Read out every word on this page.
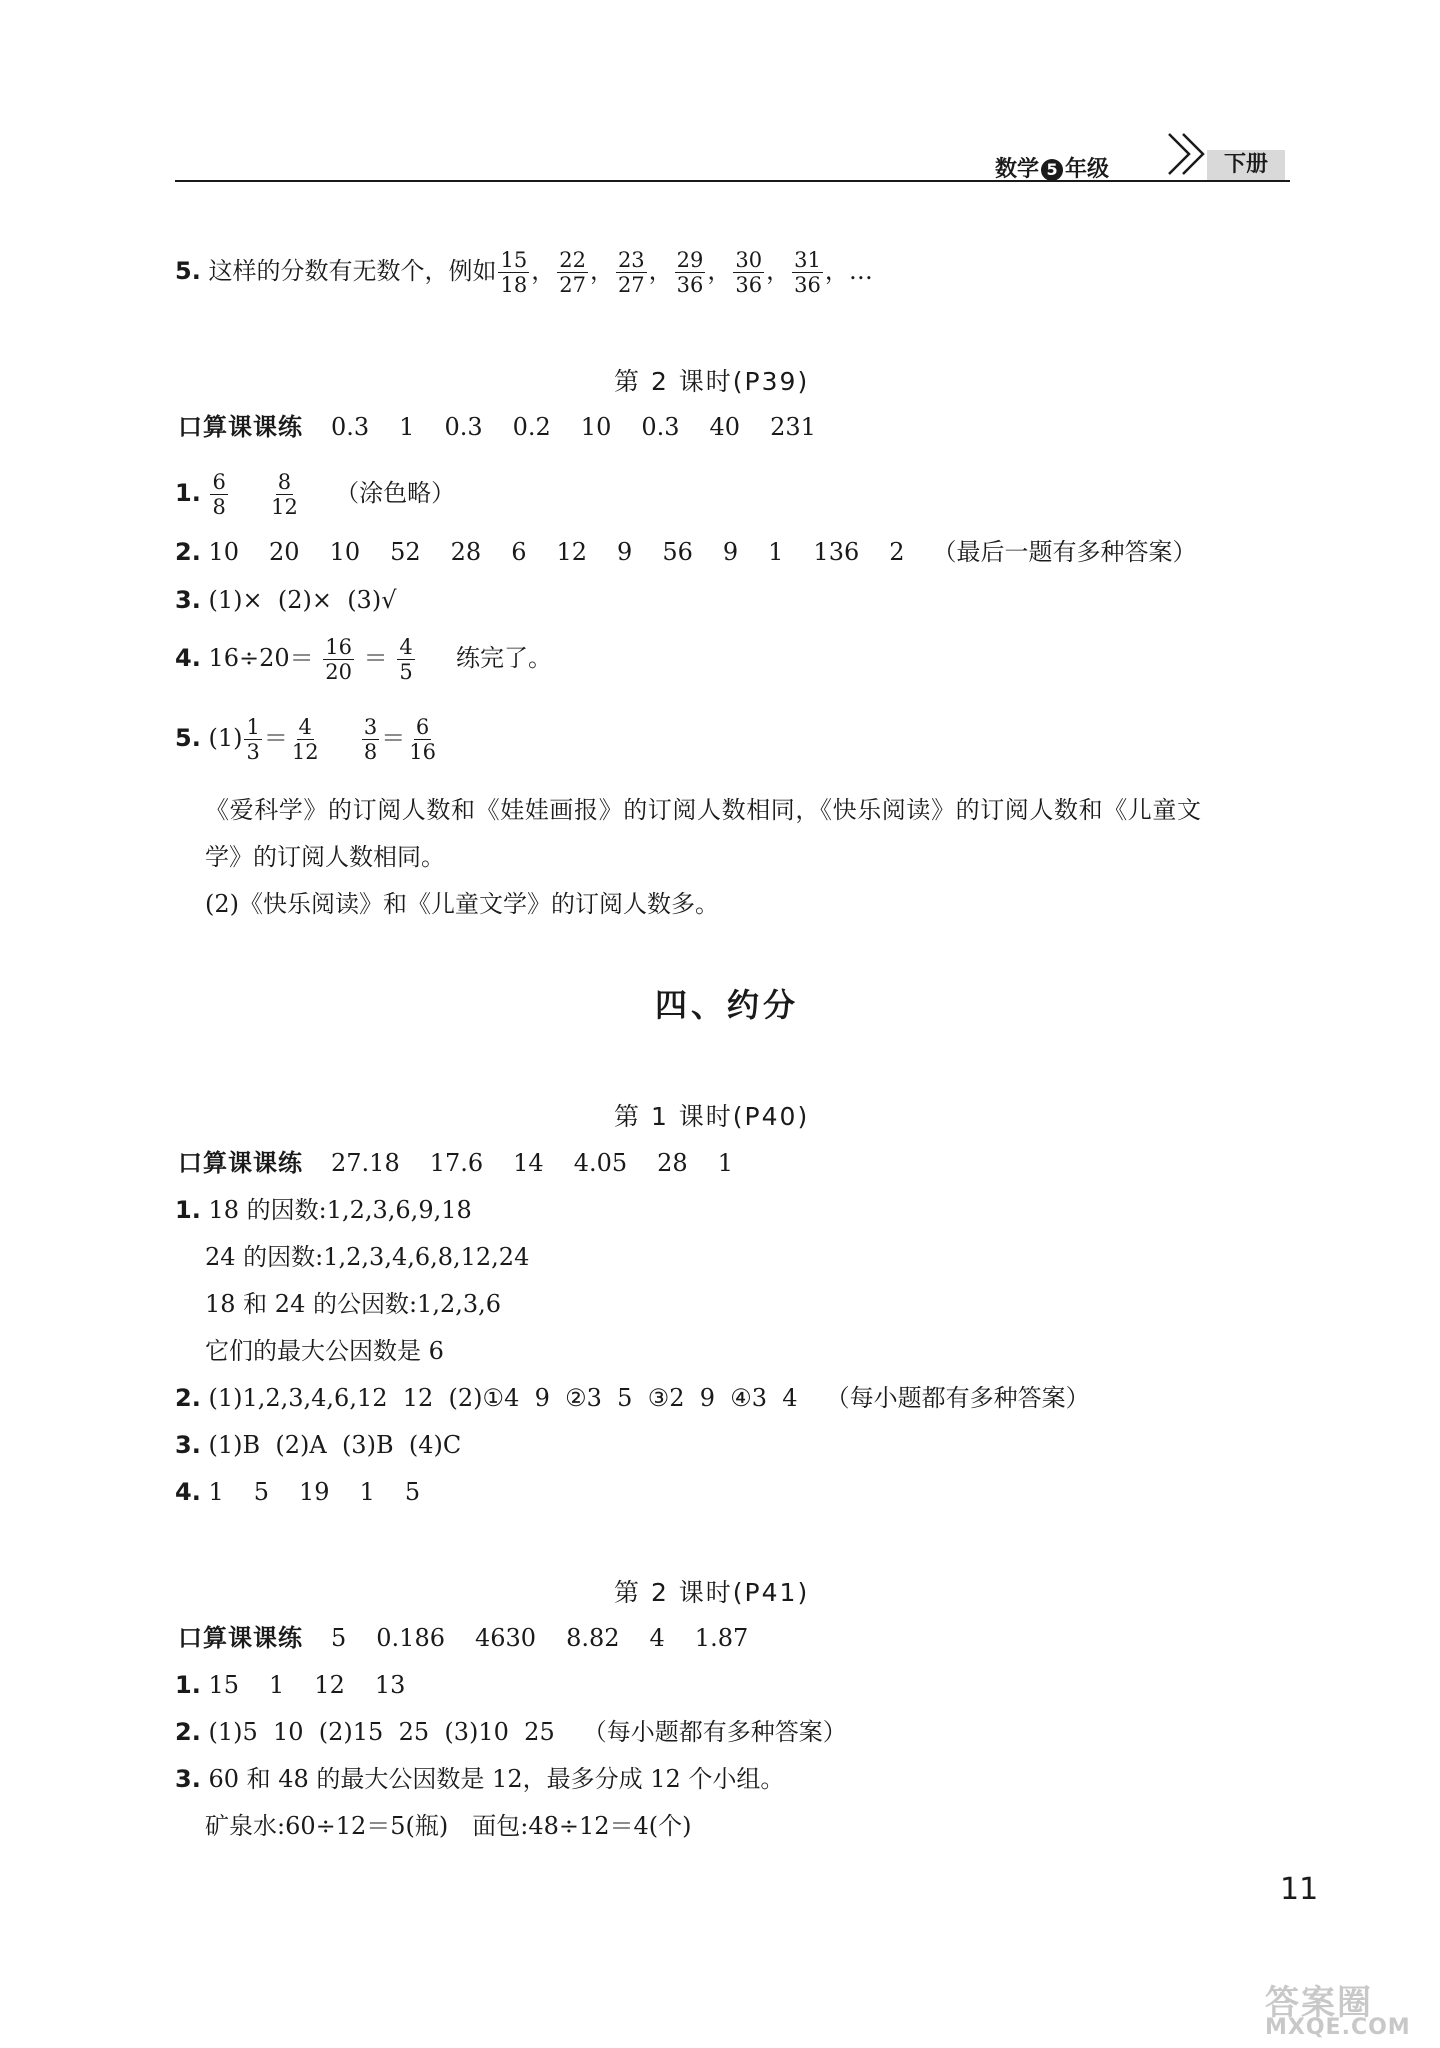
数学 5 年级	下册
5. 这样的分数有无数个，例如 $\frac{15}{18}$ ， $\frac{22}{27}$ ， $\frac{23}{27}$ ， $\frac{29}{36}$ ， $\frac{30}{36}$ ， $\frac{31}{36}$ ，…
第 2 课时(P39)
口算课课练 0.3 1 0.3 0.2 10 0.3 40 231
1. $\frac{6}{8}$
$\frac{8}{12}$ （涂色略）
2. 10 20 10 52 28 6 12 9 56 9 1 136 2 （最后一题有多种答案）
3. (1)×  (2)×  (3)√
4. $16\div 20= \frac{16}{20} = \frac{4}{5}$ 练完了。
5. $(1) \frac{1}{3} = \frac{4}{12}$
$\frac{3}{8} = \frac{6}{16}$
《爱科学》的订阅人数和《娃娃画报》的订阅人数相同，《快乐阅读》的订阅人数和《儿童文
学》的订阅人数相同。
(2)《快乐阅读》和《儿童文学》的订阅人数多。
四、约分
第 1 课时(P40)
口算课课练 27.18 17.6 14 4.05 28 1
1. 18 的因数:1,2,3,6,9,18
24 的因数:1,2,3,4,6,8,12,24
18 和 24 的公因数:1,2,3,6
它们的最大公因数是 6
2. (1)1,2,3,4,6,12  12  (2)①4  9  ②3  5  ③2  9  ④3  4 （每小题都有多种答案）
3. (1)B  (2)A  (3)B  (4)C
4. 1 5 19 1 5
第 2 课时(P41)
口算课课练 5 0.186 4630 8.82 4 1.87
1. 15 1 12 13
2. (1)5  10  (2)15  25  (3)10  25 （每小题都有多种答案）
3. 60 和 48 的最大公因数是 12，最多分成 12 个小组。
矿泉水:60÷12＝5(瓶)　面包:48÷12＝4(个)
11
答案圈
MXQE.COM
